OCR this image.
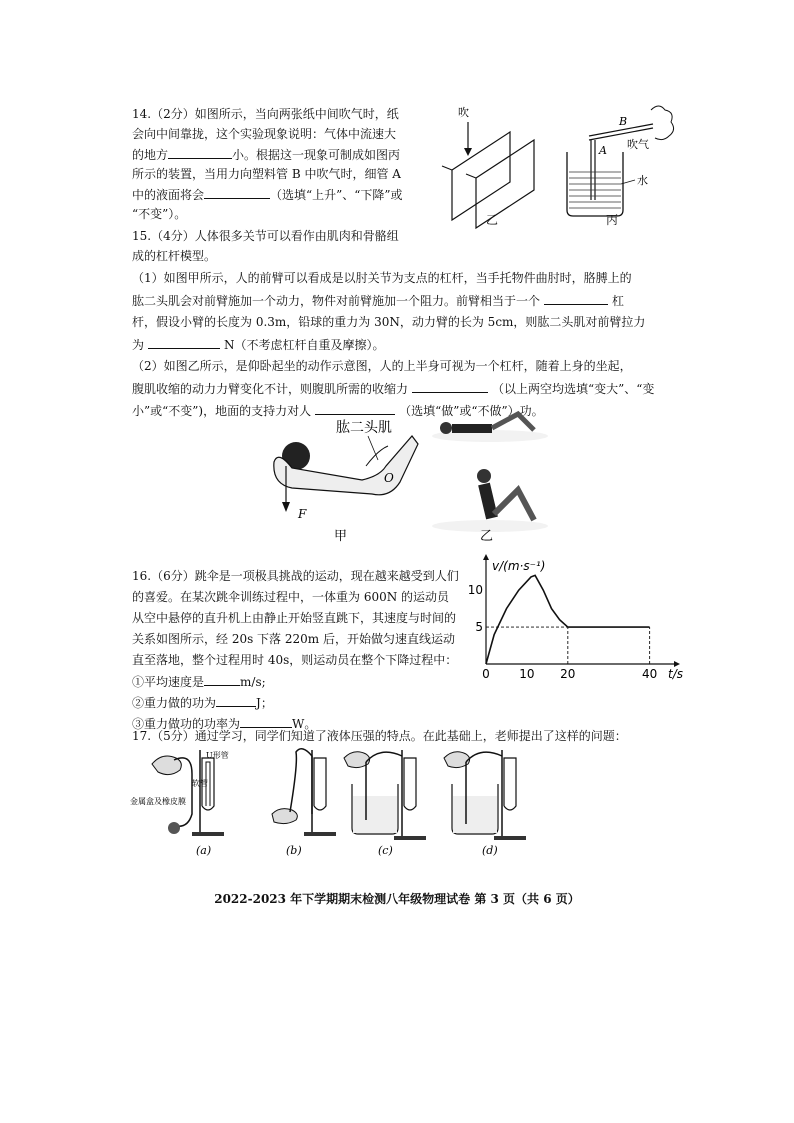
14.（2分）如图所示，当向两张纸中间吹气时，纸
会向中间靠拢，这个实验现象说明：气体中流速大
的地方	小。根据这一现象可制成如图丙
所示的装置，当用力向塑料管 B 中吹气时，细管 A
中的液面将会	（选填“上升”、“下降”或
“不变”）。
吹
乙
B
A 吹气
水
丙
15.（4分）人体很多关节可以看作由肌肉和骨骼组
成的杠杆模型。
（1）如图甲所示，人的前臂可以看成是以肘关节为支点的杠杆，当手托物件曲肘时，胳膊上的
肱二头肌会对前臂施加一个动力，物件对前臂施加一个阻力。前臂相当于一个	杠
杆，假设小臂的长度为 0.3m，铅球的重力为 30N，动力臂的长为 5cm，则肱二头肌对前臂拉力
为	N（不考虑杠杆自重及摩擦）。
（2）如图乙所示，是仰卧起坐的动作示意图，人的上半身可视为一个杠杆，随着上身的坐起，
腹肌收缩的动力力臂变化不计，则腹肌所需的收缩力	（以上两空均选填“变大”、“变
小”或“不变”)，地面的支持力对人	（选填“做”或“不做”）功。
肱二头肌
O
F
甲	乙
16.（6分）跳伞是一项极具挑战的运动，现在越来越受到人们
的喜爱。在某次跳伞训练过程中，一体重为 600N 的运动员
从空中悬停的直升机上由静止开始竖直跳下，其速度与时间的
关系如图所示，经 20s 下落 220m 后，开始做匀速直线运动
直至落地，整个过程用时 40s，则运动员在整个下降过程中：
①平均速度是	m/s;
②重力做的功为	J；
③重力做功的功率为	W。
0 10 20	40
5
10
t/s
v/(m·s⁻¹)
17.（5分）通过学习，同学们知道了液体压强的特点。在此基础上，老师提出了这样的问题：
U形管
软管
金属盒及橡皮膜
(a)	(b)	(c)	(d)
2022-2023 年下学期期末检测八年级物理试卷 第 3 页（共 6 页）
